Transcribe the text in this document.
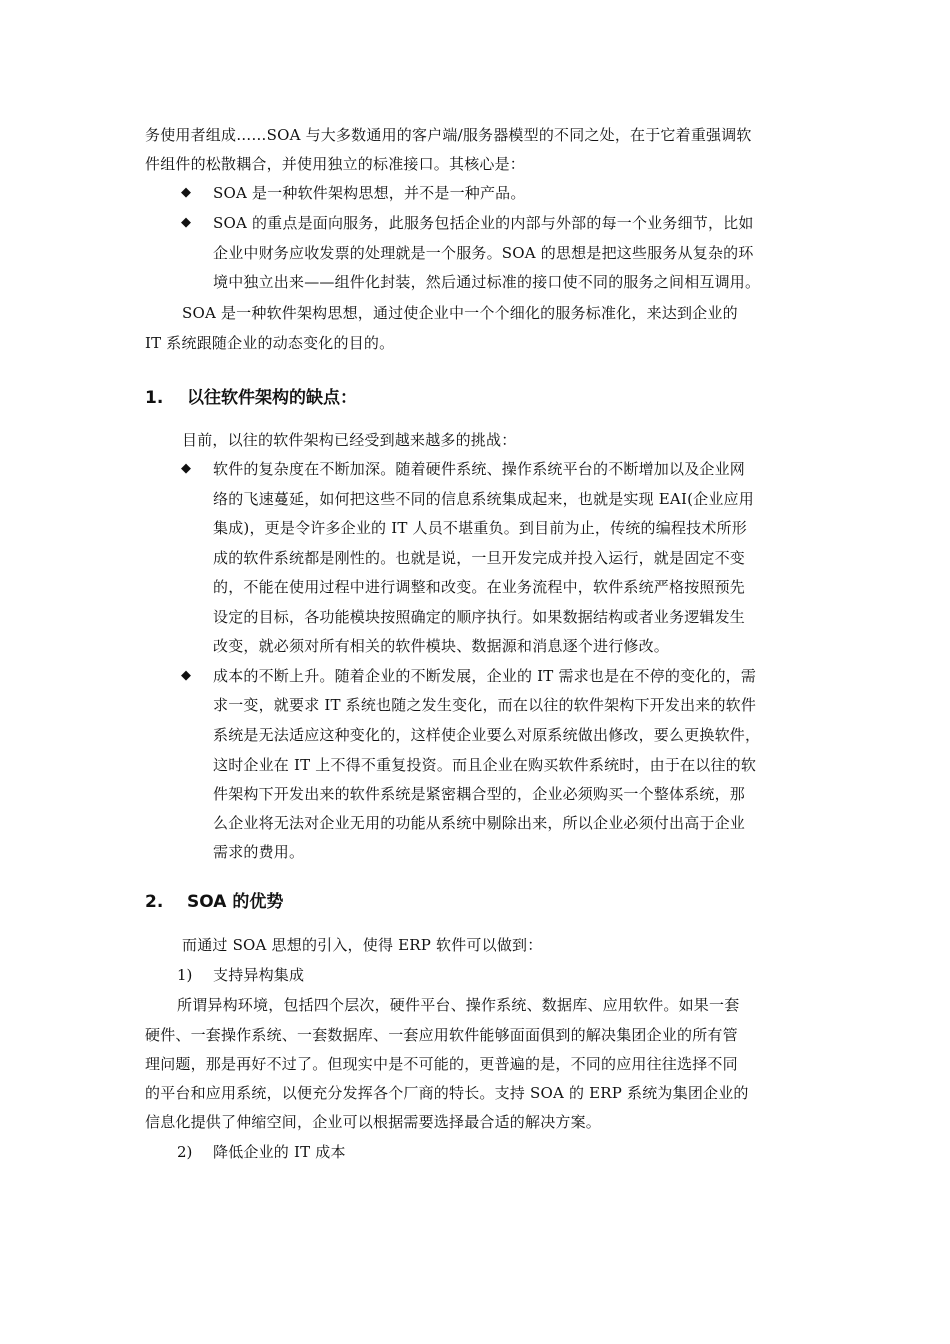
务使用者组成……SOA 与大多数通用的客户端/服务器模型的不同之处，在于它着重强调软
件组件的松散耦合，并使用独立的标准接口。其核心是：
◆ SOA 是一种软件架构思想，并不是一种产品。
◆ SOA 的重点是面向服务，此服务包括企业的内部与外部的每一个业务细节，比如
企业中财务应收发票的处理就是一个服务。SOA 的思想是把这些服务从复杂的环
境中独立出来——组件化封装，然后通过标准的接口使不同的服务之间相互调用。
SOA 是一种软件架构思想，通过使企业中一个个细化的服务标准化，来达到企业的
IT 系统跟随企业的动态变化的目的。
1. 以往软件架构的缺点：
目前，以往的软件架构已经受到越来越多的挑战：
◆ 软件的复杂度在不断加深。随着硬件系统、操作系统平台的不断增加以及企业网
络的飞速蔓延，如何把这些不同的信息系统集成起来，也就是实现 EAI(企业应用
集成)，更是令许多企业的 IT 人员不堪重负。到目前为止，传统的编程技术所形
成的软件系统都是刚性的。也就是说，一旦开发完成并投入运行，就是固定不变
的，不能在使用过程中进行调整和改变。在业务流程中，软件系统严格按照预先
设定的目标，各功能模块按照确定的顺序执行。如果数据结构或者业务逻辑发生
改变，就必须对所有相关的软件模块、数据源和消息逐个进行修改。
◆ 成本的不断上升。随着企业的不断发展，企业的 IT 需求也是在不停的变化的，需
求一变，就要求 IT 系统也随之发生变化，而在以往的软件架构下开发出来的软件
系统是无法适应这种变化的，这样使企业要么对原系统做出修改，要么更换软件，
这时企业在 IT 上不得不重复投资。而且企业在购买软件系统时，由于在以往的软
件架构下开发出来的软件系统是紧密耦合型的，企业必须购买一个整体系统，那
么企业将无法对企业无用的功能从系统中剔除出来，所以企业必须付出高于企业
需求的费用。
2. SOA 的优势
而通过 SOA 思想的引入，使得 ERP 软件可以做到：
1) 支持异构集成
所谓异构环境，包括四个层次，硬件平台、操作系统、数据库、应用软件。如果一套
硬件、一套操作系统、一套数据库、一套应用软件能够面面俱到的解决集团企业的所有管
理问题，那是再好不过了。但现实中是不可能的，更普遍的是，不同的应用往往选择不同
的平台和应用系统，以便充分发挥各个厂商的特长。支持 SOA 的 ERP 系统为集团企业的
信息化提供了伸缩空间，企业可以根据需要选择最合适的解决方案。
2) 降低企业的 IT 成本
